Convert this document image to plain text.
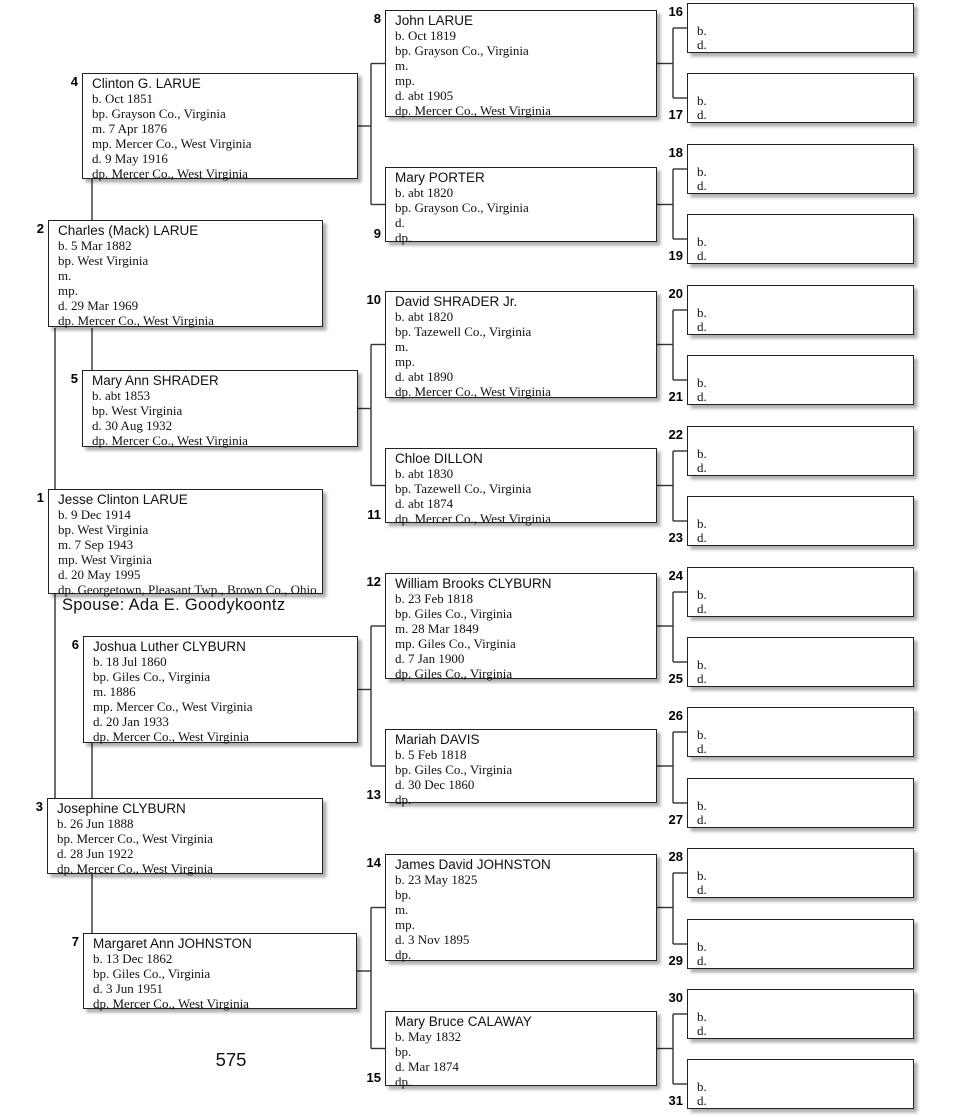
Jesse Clinton LARUE
b. 9 Dec 1914
bp. West Virginia
m. 7 Sep 1943
mp. West Virginia
d. 20 May 1995
dp. Georgetown, Pleasant Twp., Brown Co., Ohio
1
Charles (Mack) LARUE
b. 5 Mar 1882
bp. West Virginia
m.
mp.
d. 29 Mar 1969
dp. Mercer Co., West Virginia
2
Josephine CLYBURN
b. 26 Jun 1888
bp. Mercer Co., West Virginia
d. 28 Jun 1922
dp. Mercer Co., West Virginia
3
Clinton G. LARUE
b. Oct 1851
bp. Grayson Co., Virginia
m. 7 Apr 1876
mp. Mercer Co., West Virginia
d. 9 May 1916
dp. Mercer Co., West Virginia
4
Mary Ann SHRADER
b. abt 1853
bp. West Virginia
d. 30 Aug 1932
dp. Mercer Co., West Virginia
5
Joshua Luther CLYBURN
b. 18 Jul 1860
bp. Giles Co., Virginia
m. 1886
mp. Mercer Co., West Virginia
d. 20 Jan 1933
dp. Mercer Co., West Virginia
6
Margaret Ann JOHNSTON
b. 13 Dec 1862
bp. Giles Co., Virginia
d. 3 Jun 1951
dp. Mercer Co., West Virginia
7
John LARUE
b. Oct 1819
bp. Grayson Co., Virginia
m.
mp.
d. abt 1905
dp. Mercer Co., West Virginia
8
Mary PORTER
b. abt 1820
bp. Grayson Co., Virginia
d.
dp.
9
David SHRADER Jr.
b. abt 1820
bp. Tazewell Co., Virginia
m.
mp.
d. abt 1890
dp. Mercer Co., West Virginia
10
Chloe DILLON
b. abt 1830
bp. Tazewell Co., Virginia
d. abt 1874
dp. Mercer Co., West Virginia
11
William Brooks CLYBURN
b. 23 Feb 1818
bp. Giles Co., Virginia
m. 28 Mar 1849
mp. Giles Co., Virginia
d. 7 Jan 1900
dp. Giles Co., Virginia
12
Mariah DAVIS
b. 5 Feb 1818
bp. Giles Co., Virginia
d. 30 Dec 1860
dp.
13
James David JOHNSTON
b. 23 May 1825
bp.
m.
mp.
d. 3 Nov 1895
dp.
14
Mary Bruce CALAWAY
b. May 1832
bp.
d. Mar 1874
dp.
15
b.
d.
16
b.
d.
17
b.
d.
18
b.
d.
19
b.
d.
20
b.
d.
21
b.
d.
22
b.
d.
23
b.
d.
24
b.
d.
25
b.
d.
26
b.
d.
27
b.
d.
28
b.
d.
29
b.
d.
30
b.
d.
31
Spouse: Ada E. Goodykoontz
575
